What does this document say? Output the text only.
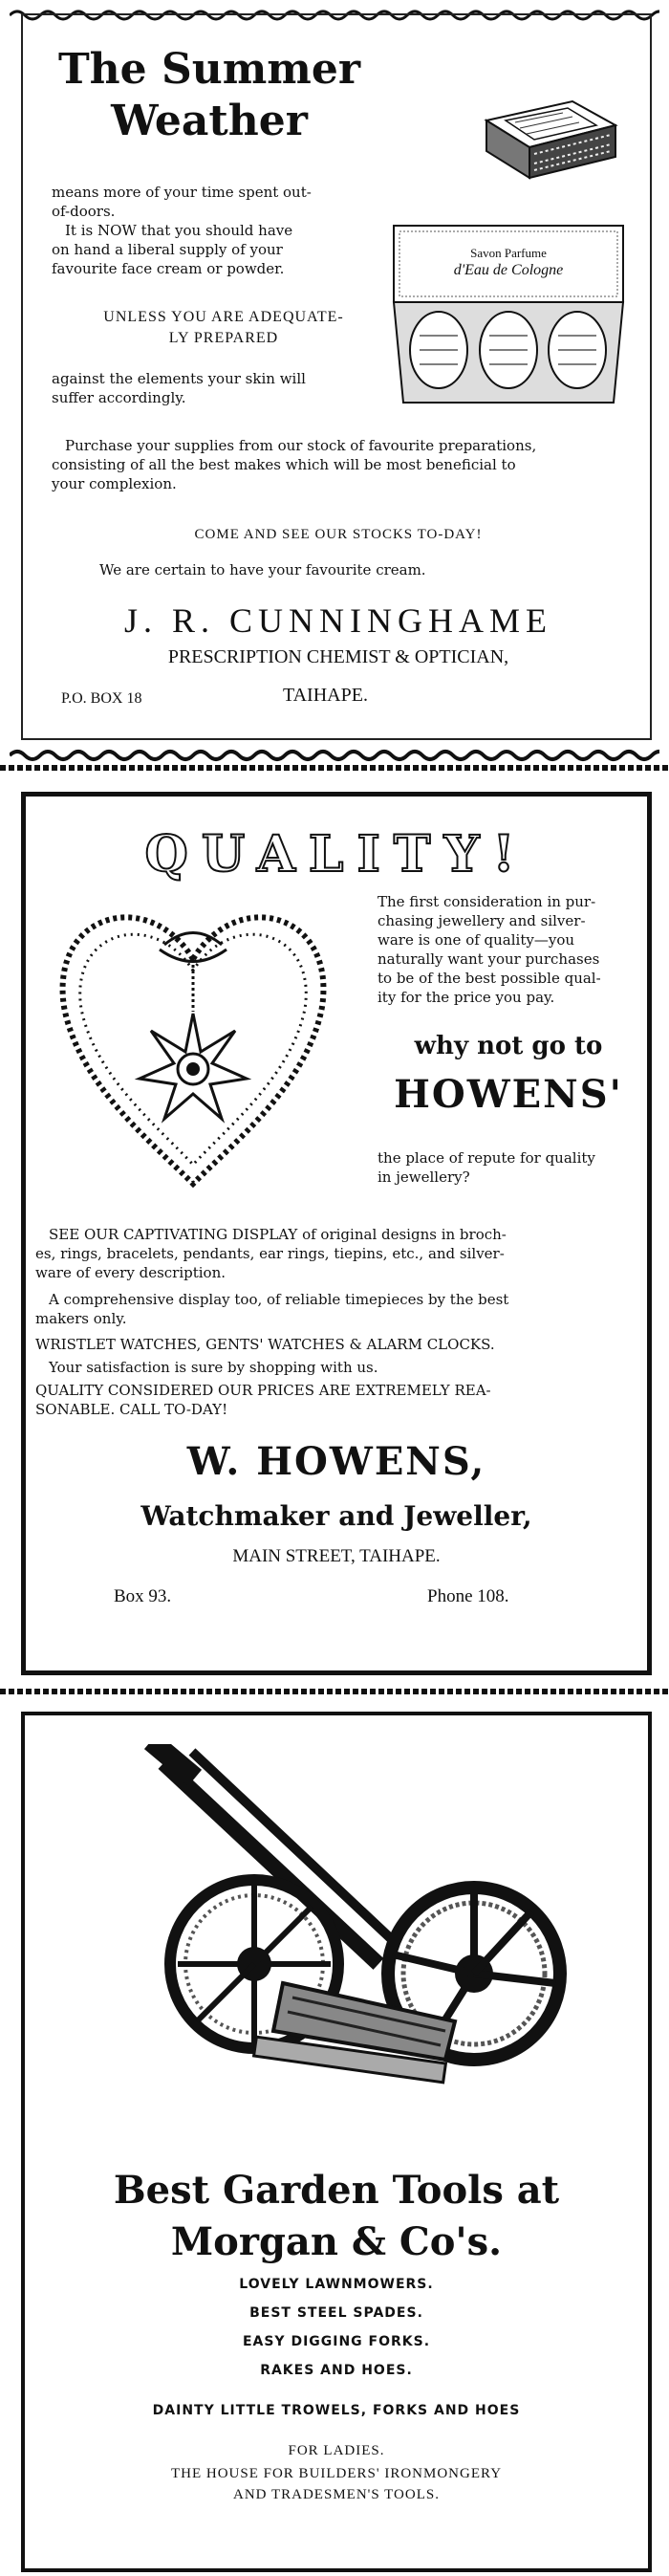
The Summer
Weather
Savon Parfume
d'Eau de Cologne
means more of your time spent out-
of-doors.
It is NOW that you should have
on hand a liberal supply of your
favourite face cream or powder.
UNLESS YOU ARE ADEQUATE-
LY PREPARED
against the elements your skin will
suffer accordingly.
Purchase your supplies from our stock of favourite preparations,
consisting of all the best makes which will be most beneficial to
your complexion.
COME AND SEE OUR STOCKS TO-DAY!
We are certain to have your favourite cream.
J. R. CUNNINGHAME
PRESCRIPTION CHEMIST & OPTICIAN,
P.O. BOX 18	TAIHAPE.
QUALITY!
The first consideration in pur-
chasing jewellery and silver-
ware is one of quality—you
naturally want your purchases
to be of the best possible qual-
ity for the price you pay.
why not go to
HOWENS'
the place of repute for quality
in jewellery?
SEE OUR CAPTIVATING DISPLAY of original designs in broch-
es, rings, bracelets, pendants, ear rings, tiepins, etc., and silver-
ware of every description.
A comprehensive display too, of reliable timepieces by the best
makers only.
WRISTLET WATCHES, GENTS' WATCHES & ALARM CLOCKS.
Your satisfaction is sure by shopping with us.
QUALITY CONSIDERED OUR PRICES ARE EXTREMELY REA-
SONABLE. CALL TO-DAY!
W. HOWENS,
Watchmaker and Jeweller,
MAIN STREET, TAIHAPE.
Box 93.	Phone 108.
Best Garden Tools at
Morgan & Co's.
LOVELY LAWNMOWERS.
BEST STEEL SPADES.
EASY DIGGING FORKS.
RAKES AND HOES.
DAINTY LITTLE TROWELS, FORKS AND HOES
FOR LADIES.
THE HOUSE FOR BUILDERS' IRONMONGERY
AND TRADESMEN'S TOOLS.
